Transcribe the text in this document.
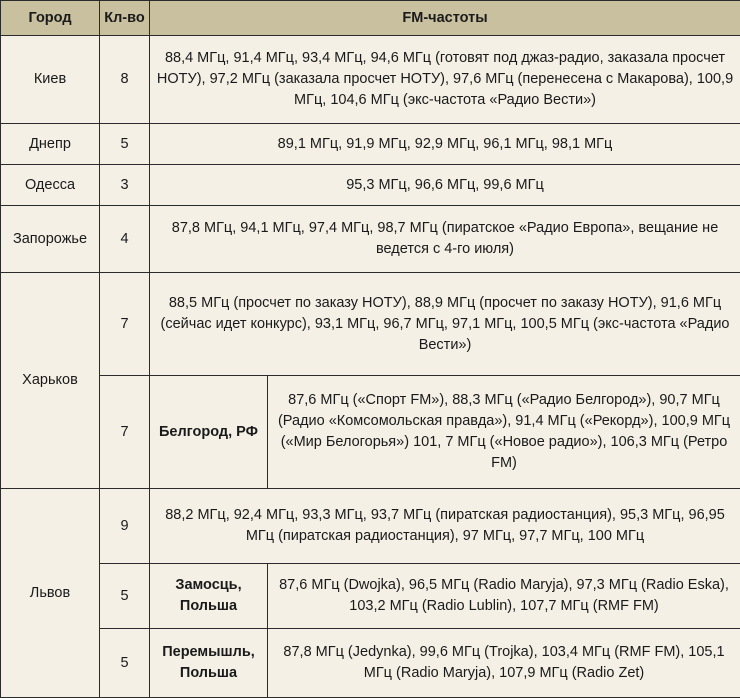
Город	Кл-во	FM-частоты	
Киев	8	88,4 МГц, 91,4 МГц, 93,4 МГц, 94,6 МГц (готовят под джаз-радио, заказала просчет НОТУ), 97,2 МГц (заказала просчет НОТУ), 97,6 МГц (перенесена с Макарова), 100,9 МГц, 104,6 МГц (экс-частота «Радио Вести»)	
Днепр	5	89,1 МГц, 91,9 МГц, 92,9 МГц, 96,1 МГц, 98,1 МГц	
Одесса	3	95,3 МГц, 96,6 МГц, 99,6 МГц	
Запорожье	4	87,8 МГц, 94,1 МГц, 97,4 МГц, 98,7 МГц (пиратское «Радио Европа», вещание не ведется с 4-го июля)	
Харьков	7	88,5 МГц (просчет по заказу НОТУ), 88,9 МГц (просчет по заказу НОТУ), 91,6 МГц (сейчас идет конкурс), 93,1 МГц, 96,7 МГц, 97,1 МГц, 100,5 МГц (экс-частота «Радио Вести»)	
	7	Белгород, РФ	87,6 МГц («Спорт FM»), 88,3 МГц («Радио Белгород»), 90,7 МГц (Радио «Комсомольская правда»), 91,4 МГц («Рекорд»), 100,9 МГц («Мир Белогорья») 101, 7 МГц («Новое радио»), 106,3 МГц (Ретро FM)
Львов	9	88,2 МГц, 92,4 МГц, 93,3 МГц, 93,7 МГц (пиратская радиостанция), 95,3 МГц, 96,95 МГц (пиратская радиостанция), 97 МГц, 97,7 МГц, 100 МГц	
	5	Замосць, Польша	87,6 МГц (Dwojka), 96,5 МГц (Radio Maryja), 97,3 МГц (Radio Eska), 103,2 МГц (Radio Lublin), 107,7 МГц (RMF FM)
	5	Перемышль, Польша	87,8 МГц (Jedynka), 99,6 МГц (Trojka), 103,4 МГц (RMF FM), 105,1 МГц (Radio Maryja), 107,9 МГц (Radio Zet)
